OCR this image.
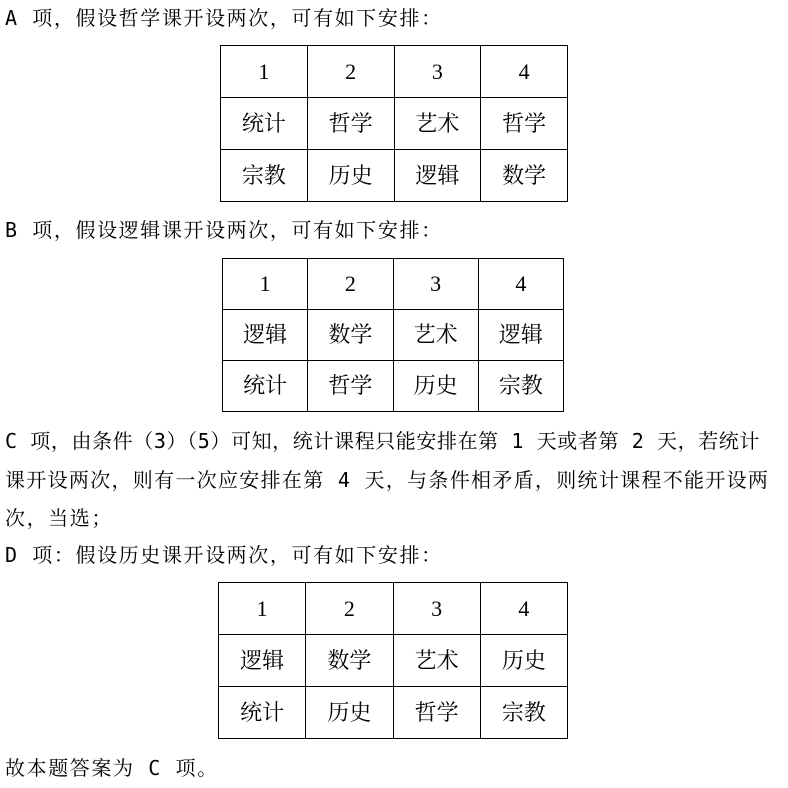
A 项，假设哲学课开设两次，可有如下安排：

1	2	3	4
统计	哲学	艺术	哲学
宗教	历史	逻辑	数学

B 项，假设逻辑课开设两次，可有如下安排：

1	2	3	4
逻辑	数学	艺术	逻辑
统计	哲学	历史	宗教

C 项，由条件（3）（5）可知，统计课程只能安排在第 1 天或者第 2 天，若统计

课开设两次，则有一次应安排在第 4 天，与条件相矛盾，则统计课程不能开设两

次，当选；

D 项：假设历史课开设两次，可有如下安排：

1	2	3	4
逻辑	数学	艺术	历史
统计	历史	哲学	宗教

故本题答案为 C 项。
